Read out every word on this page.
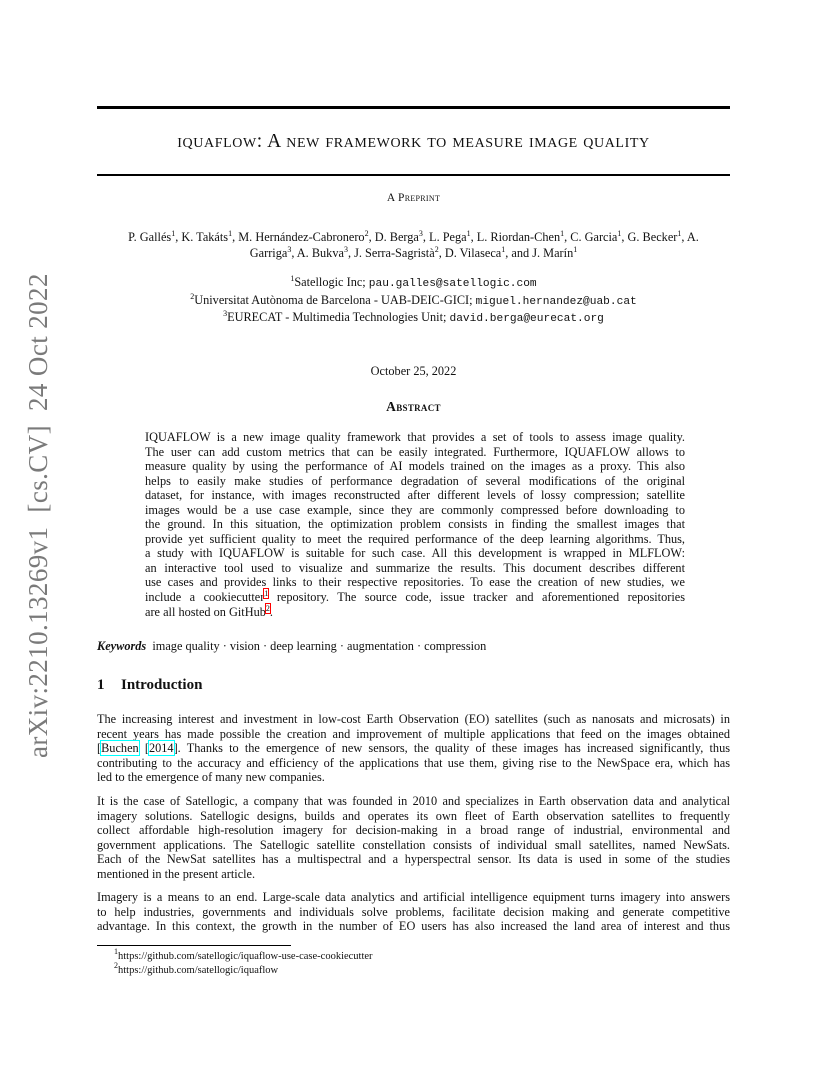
arXiv:2210.13269v1[cs.CV]24 Oct 2022
iquaflow: A new framework to measure image quality
A Preprint
P. Gallés$^1$, K. Takáts$^1$, M. Hernández-Cabronero$^2$, D. Berga$^3$, L. Pega$^1$, L. Riordan-Chen$^1$, C. Garcia$^1$, G. Becker$^1$, A.
Garriga$^3$, A. Bukva$^3$, J. Serra-Sagristà$^2$, D. Vilaseca$^1$, and J. Marín$^1$
$^1$Satellogic Inc; pau.galles@satellogic.com
$^2$Universitat Autònoma de Barcelona - UAB-DEIC-GICI; miguel.hernandez@uab.cat
$^3$EURECAT - Multimedia Technologies Unit; david.berga@eurecat.org
October 25, 2022
Abstract
IQUAFLOW is a new image quality framework that provides a set of tools to assess image quality.
The user can add custom metrics that can be easily integrated. Furthermore, IQUAFLOW allows to
measure quality by using the performance of AI models trained on the images as a proxy. This also
helps to easily make studies of performance degradation of several modifications of the original
dataset, for instance, with images reconstructed after different levels of lossy compression; satellite
images would be a use case example, since they are commonly compressed before downloading to
the ground. In this situation, the optimization problem consists in finding the smallest images that
provide yet sufficient quality to meet the required performance of the deep learning algorithms. Thus,
a study with IQUAFLOW is suitable for such case. All this development is wrapped in MLFLOW:
an interactive tool used to visualize and summarize the results. This document describes different
use cases and provides links to their respective repositories. To ease the creation of new studies, we
include a cookiecutter$^1$ repository. The source code, issue tracker and aforementioned repositories
are all hosted on GitHub$^2$.
Keywords image quality · vision · deep learning · augmentation · compression
1 Introduction
The increasing interest and investment in low-cost Earth Observation (EO) satellites (such as nanosats and microsats) in
recent years has made possible the creation and improvement of multiple applications that feed on the images obtained
[Buchen [2014]. Thanks to the emergence of new sensors, the quality of these images has increased significantly, thus
contributing to the accuracy and efficiency of the applications that use them, giving rise to the NewSpace era, which has
led to the emergence of many new companies.
It is the case of Satellogic, a company that was founded in 2010 and specializes in Earth observation data and analytical
imagery solutions. Satellogic designs, builds and operates its own fleet of Earth observation satellites to frequently
collect affordable high-resolution imagery for decision-making in a broad range of industrial, environmental and
government applications. The Satellogic satellite constellation consists of individual small satellites, named NewSats.
Each of the NewSat satellites has a multispectral and a hyperspectral sensor. Its data is used in some of the studies
mentioned in the present article.
Imagery is a means to an end. Large-scale data analytics and artificial intelligence equipment turns imagery into answers
to help industries, governments and individuals solve problems, facilitate decision making and generate competitive
advantage. In this context, the growth in the number of EO users has also increased the land area of interest and thus
$^1$https://github.com/satellogic/iquaflow-use-case-cookiecutter
$^2$https://github.com/satellogic/iquaflow
